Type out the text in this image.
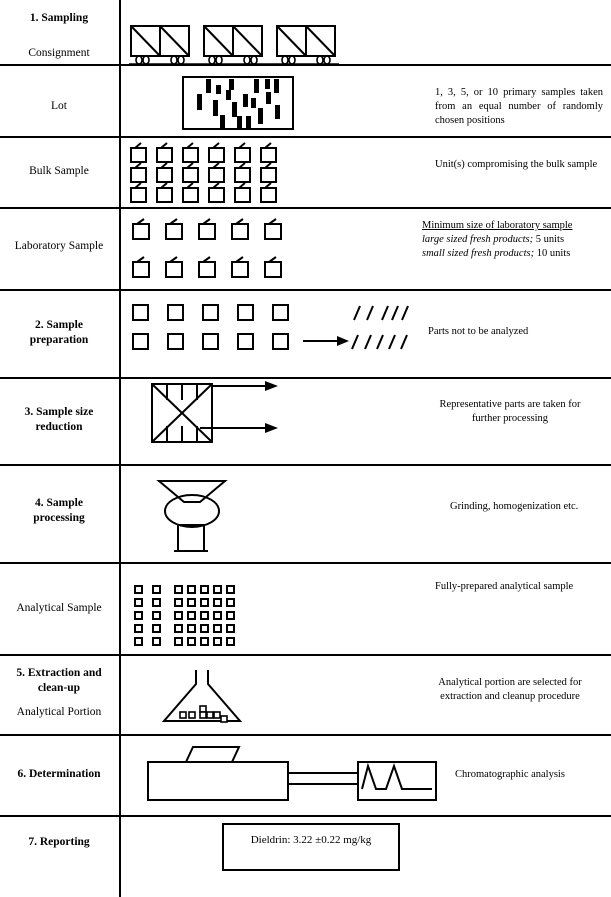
1. Sampling
Consignment
Lot
1, 3, 5, or 10 primary samples taken from an equal number of randomly chosen positions
Bulk Sample
Unit(s) compromising the bulk sample
Laboratory Sample
Minimum size of laboratory sample
large sized fresh products; 5 units
small sized fresh products; 10 units
2. Sample
preparation
Parts not to be analyzed
3. Sample size
reduction
Representative parts are taken for
further processing
4. Sample
processing
Grinding, homogenization etc.
Analytical Sample
Fully-prepared analytical sample
5. Extraction and
clean-up
Analytical Portion
Analytical portion are selected for
extraction and cleanup procedure
6. Determination	Chromatographic analysis
7. Reporting	Dieldrin: 3.22 ±0.22 mg/kg
